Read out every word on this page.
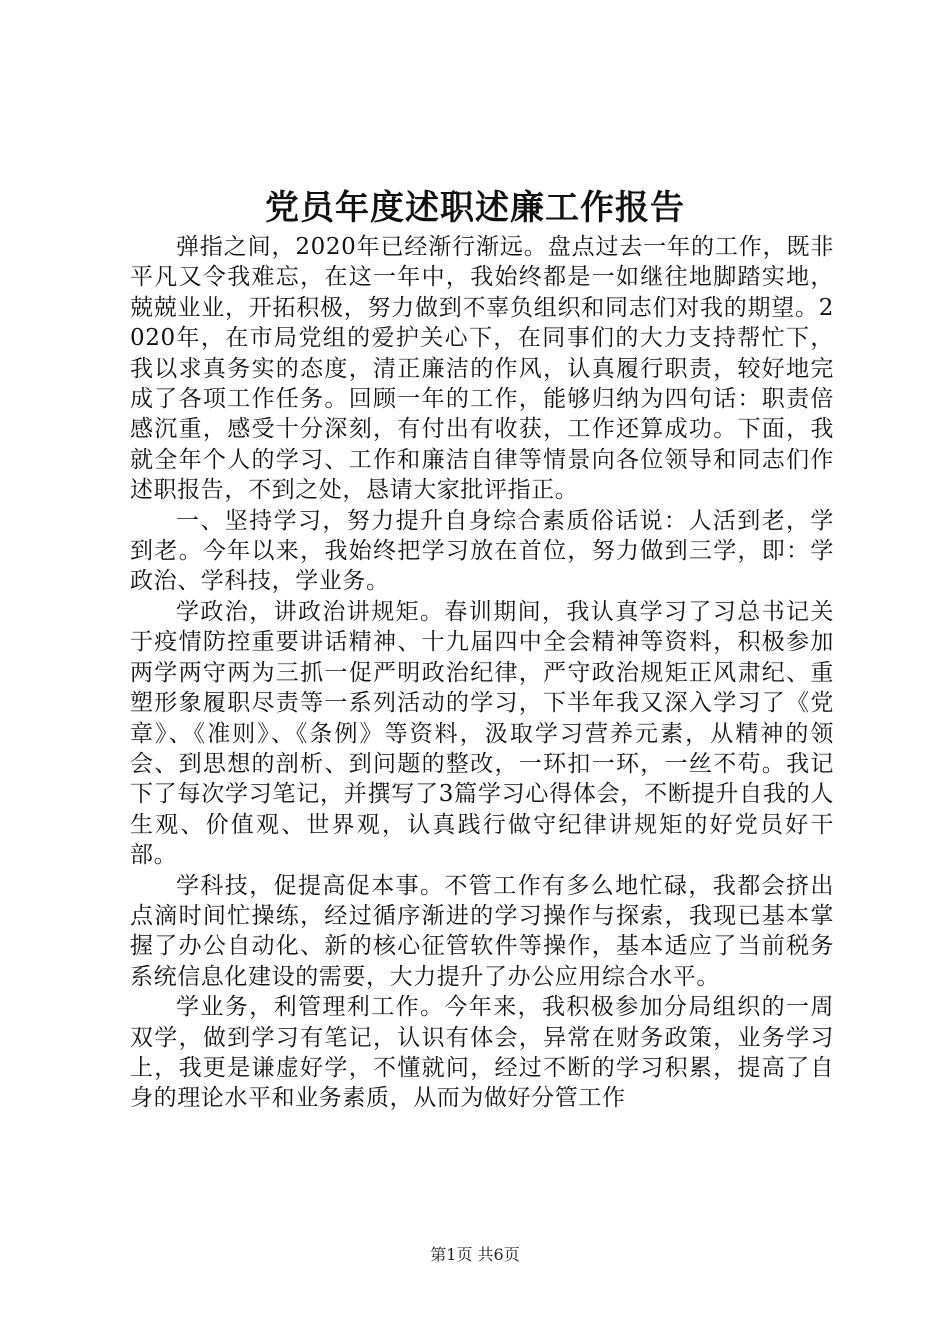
党员年度述职述廉工作报告

弹指之间，2020年已经渐行渐远。盘点过去一年的工作，既非平凡又令我难忘，在这一年中，我始终都是一如继往地脚踏实地，兢兢业业，开拓积极，努力做到不辜负组织和同志们对我的期望。2020年，在市局党组的爱护关心下，在同事们的大力支持帮忙下，我以求真务实的态度，清正廉洁的作风，认真履行职责，较好地完成了各项工作任务。回顾一年的工作，能够归纳为四句话：职责倍感沉重，感受十分深刻，有付出有收获，工作还算成功。下面，我就全年个人的学习、工作和廉洁自律等情景向各位领导和同志们作述职报告，不到之处，恳请大家批评指正。

一、坚持学习，努力提升自身综合素质俗话说：人活到老，学到老。今年以来，我始终把学习放在首位，努力做到三学，即：学政治、学科技，学业务。

学政治，讲政治讲规矩。春训期间，我认真学习了习总书记关于疫情防控重要讲话精神、十九届四中全会精神等资料，积极参加两学两守两为三抓一促严明政治纪律，严守政治规矩正风肃纪、重塑形象履职尽责等一系列活动的学习，下半年我又深入学习了《党章》、《准则》、《条例》等资料，汲取学习营养元素，从精神的领会、到思想的剖析、到问题的整改，一环扣一环，一丝不苟。我记下了每次学习笔记，并撰写了3篇学习心得体会，不断提升自我的人生观、价值观、世界观，认真践行做守纪律讲规矩的好党员好干部。

学科技，促提高促本事。不管工作有多么地忙碌，我都会挤出点滴时间忙操练，经过循序渐进的学习操作与探索，我现已基本掌握了办公自动化、新的核心征管软件等操作，基本适应了当前税务系统信息化建设的需要，大力提升了办公应用综合水平。

学业务，利管理利工作。今年来，我积极参加分局组织的一周双学，做到学习有笔记，认识有体会，异常在财务政策，业务学习上，我更是谦虚好学，不懂就问，经过不断的学习积累，提高了自身的理论水平和业务素质，从而为做好分管工作

第1页 共6页
